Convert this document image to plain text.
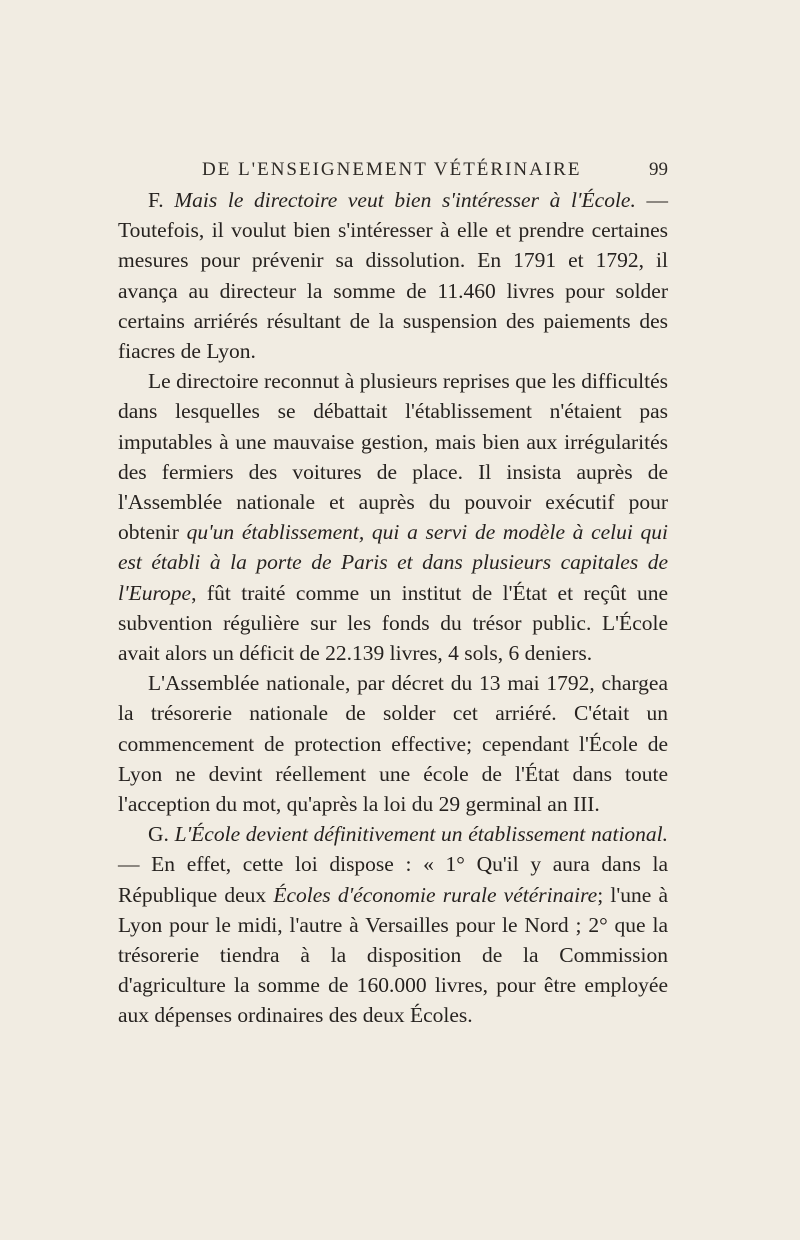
DE L'ENSEIGNEMENT VÉTÉRINAIRE	99

F. Mais le directoire veut bien s'intéresser à l'École. — Toutefois, il voulut bien s'intéresser à elle et prendre certaines mesures pour prévenir sa dissolution. En 1791 et 1792, il avança au directeur la somme de 11.460 livres pour solder certains arriérés résultant de la suspension des paiements des fiacres de Lyon.

Le directoire reconnut à plusieurs reprises que les difficultés dans lesquelles se débattait l'établissement n'étaient pas imputables à une mauvaise gestion, mais bien aux irrégularités des fermiers des voitures de place. Il insista auprès de l'Assemblée nationale et auprès du pouvoir exécutif pour obtenir qu'un établissement, qui a servi de modèle à celui qui est établi à la porte de Paris et dans plusieurs capitales de l'Europe, fût traité comme un institut de l'État et reçût une subvention régulière sur les fonds du trésor public. L'École avait alors un déficit de 22.139 livres, 4 sols, 6 deniers.

L'Assemblée nationale, par décret du 13 mai 1792, chargea la trésorerie nationale de solder cet arriéré. C'était un commencement de protection effective; cependant l'École de Lyon ne devint réellement une école de l'État dans toute l'acception du mot, qu'après la loi du 29 germinal an III.

G. L'École devient définitivement un établissement national. — En effet, cette loi dispose : « 1° Qu'il y aura dans la République deux Écoles d'économie rurale vétérinaire; l'une à Lyon pour le midi, l'autre à Versailles pour le Nord ; 2° que la trésorerie tiendra à la disposition de la Commission d'agriculture la somme de 160.000 livres, pour être employée aux dépenses ordinaires des deux Écoles.
